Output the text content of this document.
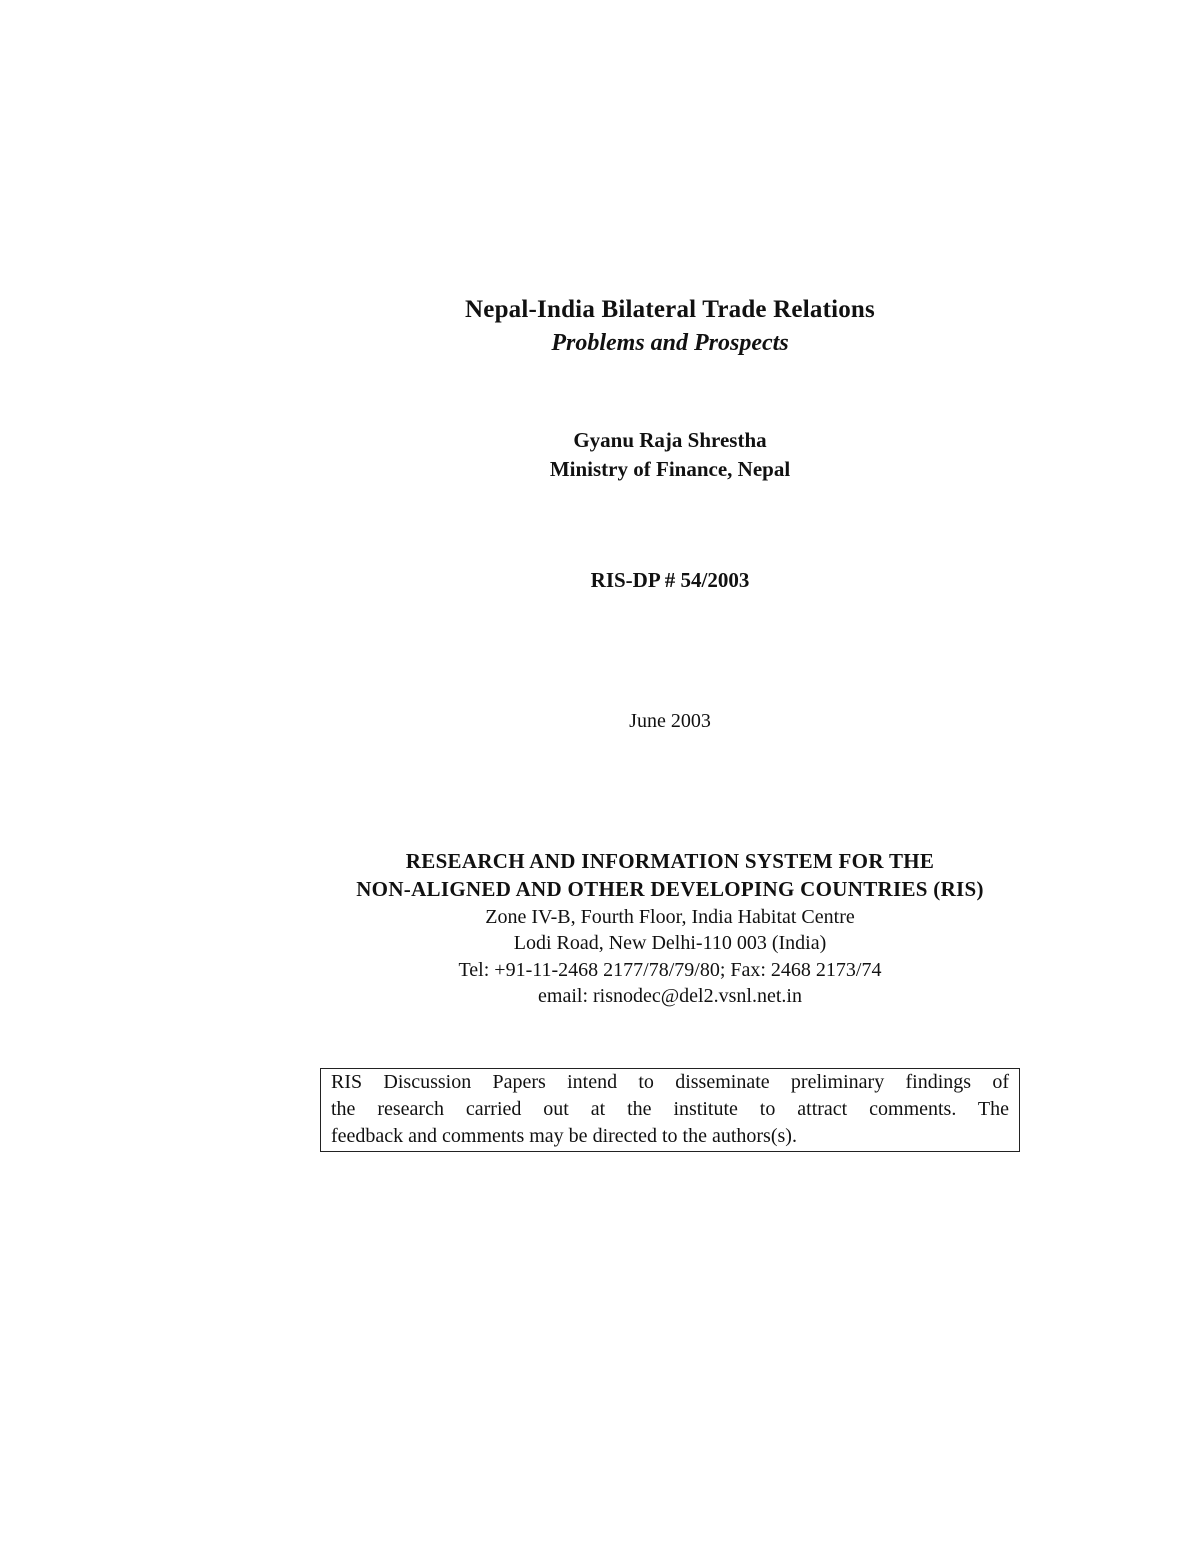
Nepal-India Bilateral Trade Relations
Problems and Prospects
Gyanu Raja Shrestha
Ministry of Finance, Nepal
RIS-DP # 54/2003
June 2003
RESEARCH AND INFORMATION SYSTEM FOR THE
NON-ALIGNED AND OTHER DEVELOPING COUNTRIES (RIS)
Zone IV-B, Fourth Floor, India Habitat Centre
Lodi Road, New Delhi-110 003 (India)
Tel: +91-11-2468 2177/78/79/80; Fax: 2468 2173/74
email: risnodec@del2.vsnl.net.in
RIS Discussion Papers intend to disseminate preliminary findings of
the research carried out at the institute to attract comments. The
feedback and comments may be directed to the authors(s).
